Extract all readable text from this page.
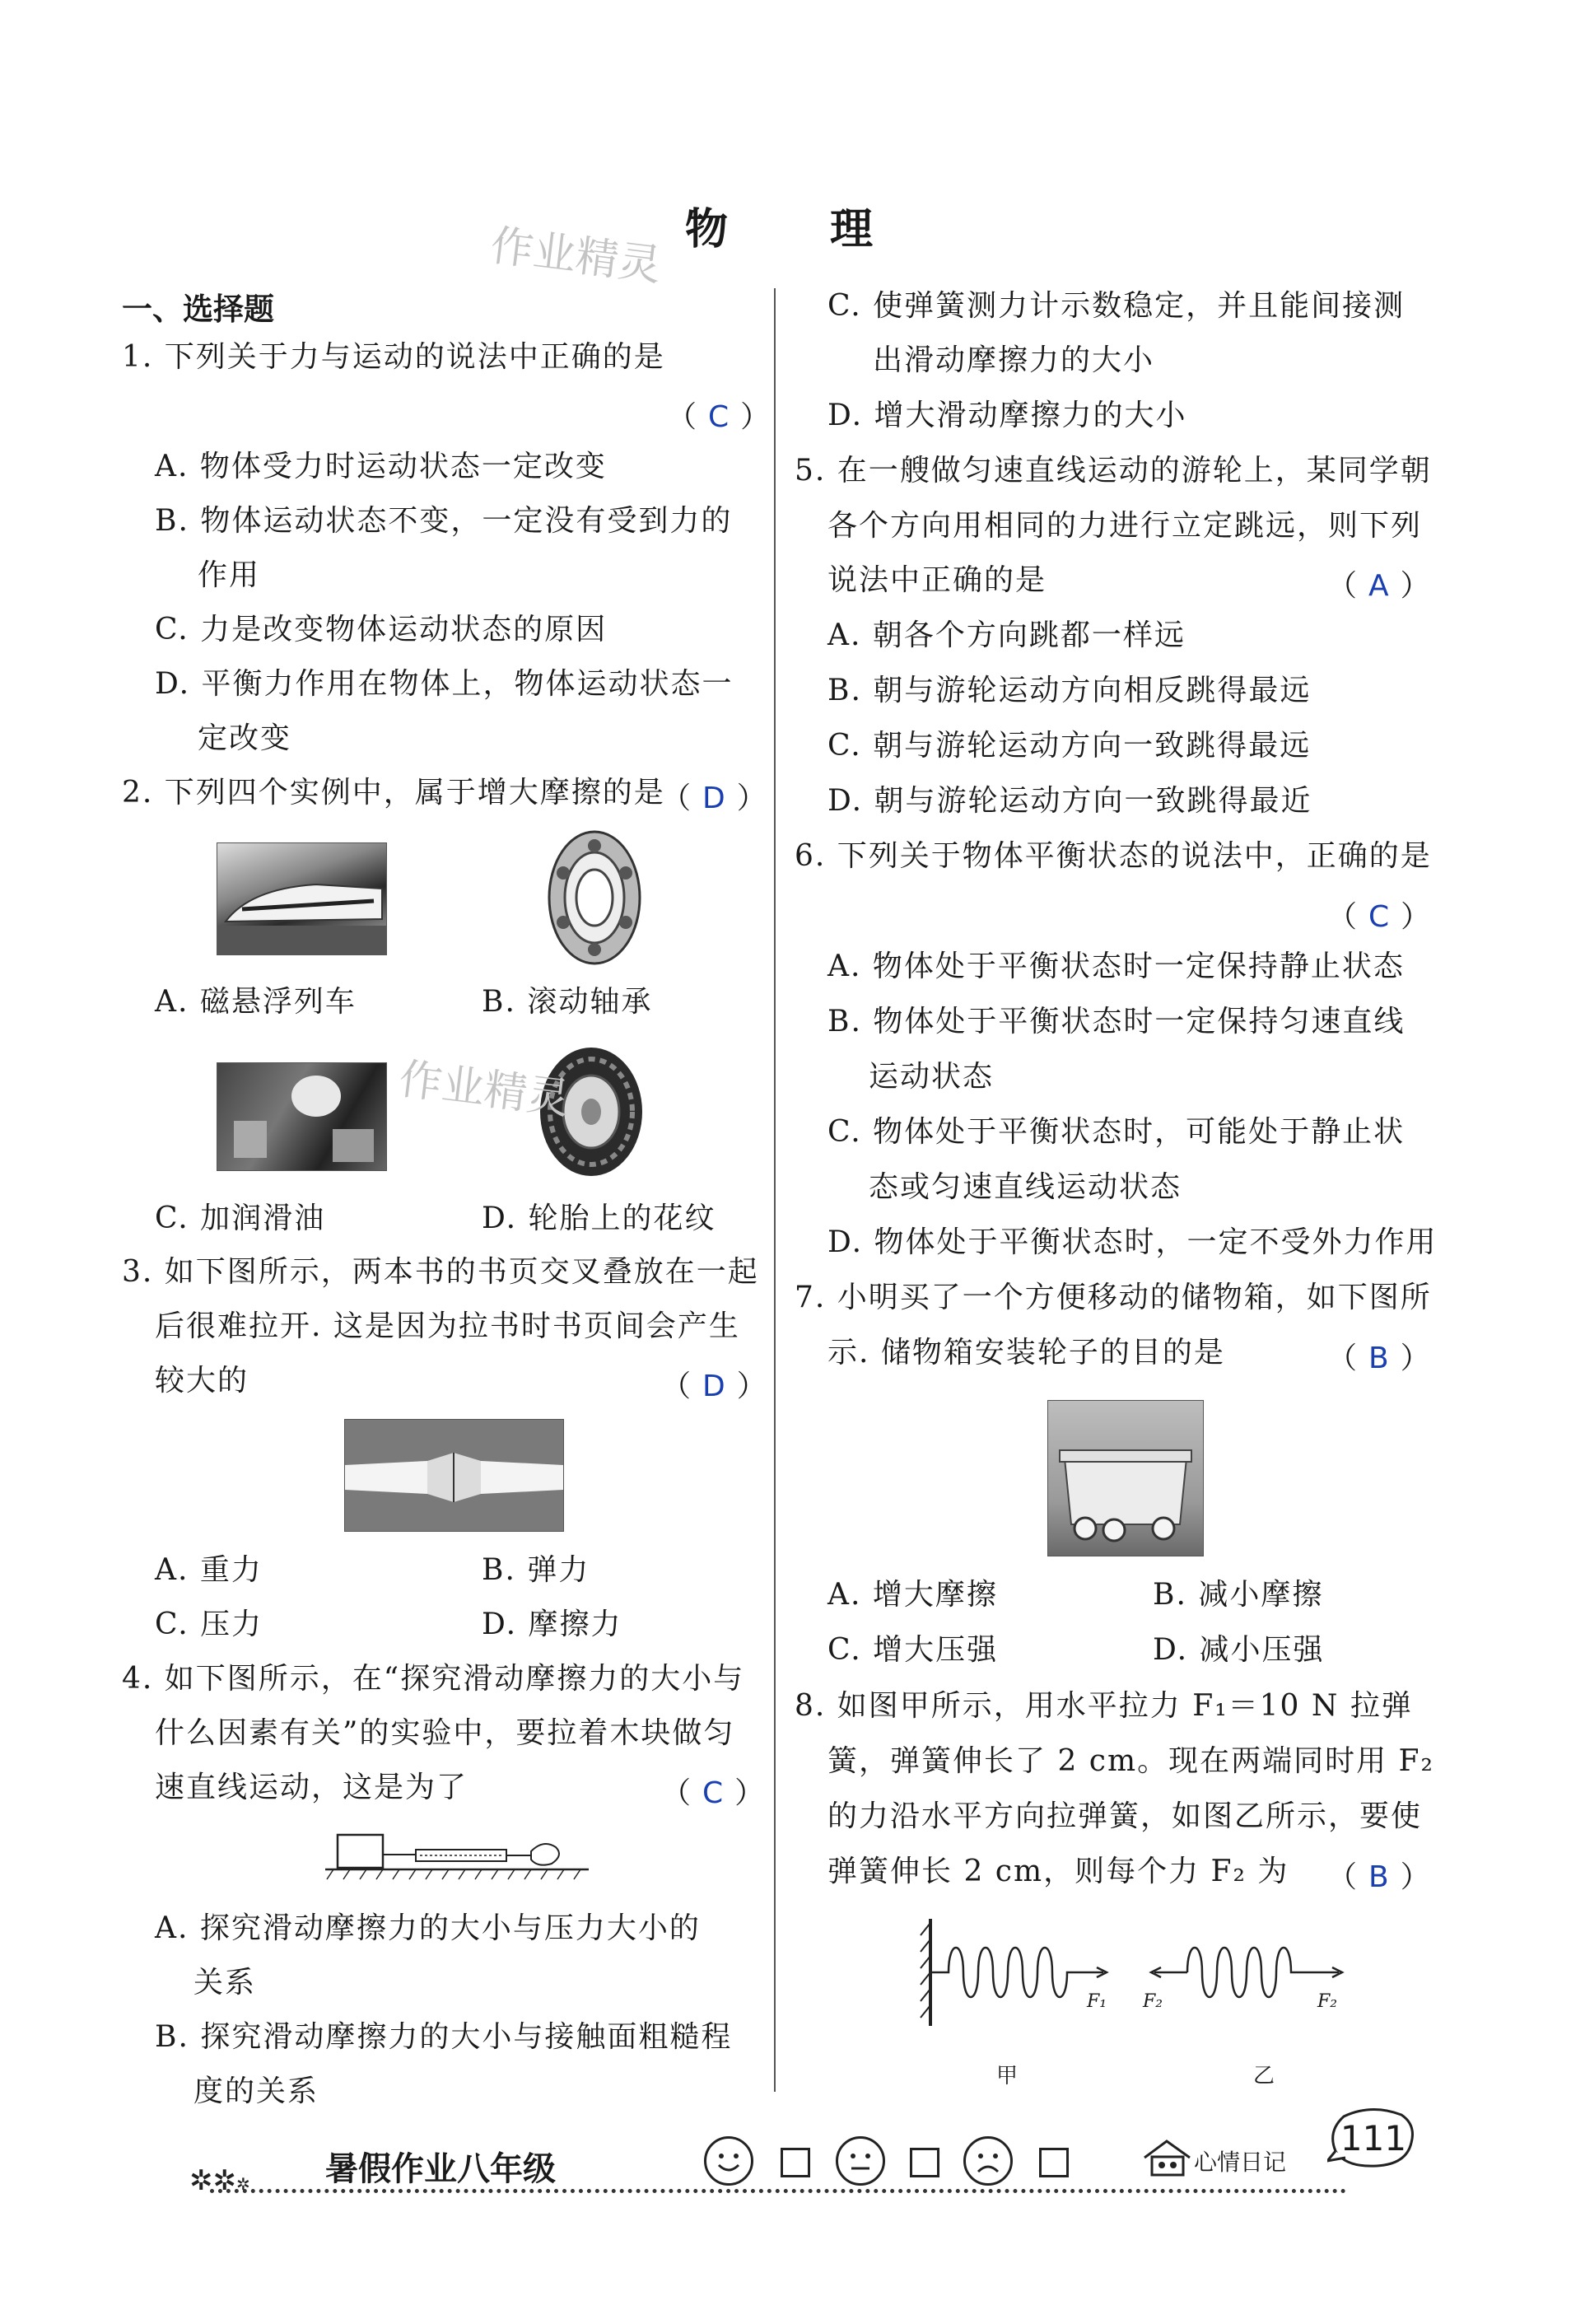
作业精灵 物 理
一、选择题
1. 下列关于力与运动的说法中正确的是
（ C ）
A. 物体受力时运动状态一定改变
B. 物体运动状态不变，一定没有受到力的
作用
C. 力是改变物体运动状态的原因
D. 平衡力作用在物体上，物体运动状态一
定改变
2. 下列四个实例中，属于增大摩擦的是
（ D ）
A. 磁悬浮列车	B. 滚动轴承
作业精灵
C. 加润滑油	D. 轮胎上的花纹
3. 如下图所示，两本书的书页交叉叠放在一起
后很难拉开. 这是因为拉书时书页间会产生
较大的	（ D ）
A. 重力	B. 弹力
C. 压力	D. 摩擦力
4. 如下图所示，在“探究滑动摩擦力的大小与
什么因素有关”的实验中，要拉着木块做匀
速直线运动，这是为了	（ C ）
A. 探究滑动摩擦力的大小与压力大小的
关系
B. 探究滑动摩擦力的大小与接触面粗糙程
度的关系
C. 使弹簧测力计示数稳定，并且能间接测
出滑动摩擦力的大小
D. 增大滑动摩擦力的大小
5. 在一艘做匀速直线运动的游轮上，某同学朝
各个方向用相同的力进行立定跳远，则下列
说法中正确的是	（ A ）
A. 朝各个方向跳都一样远
B. 朝与游轮运动方向相反跳得最远
C. 朝与游轮运动方向一致跳得最远
D. 朝与游轮运动方向一致跳得最近
6. 下列关于物体平衡状态的说法中，正确的是
（ C ）
A. 物体处于平衡状态时一定保持静止状态
B. 物体处于平衡状态时一定保持匀速直线
运动状态
C. 物体处于平衡状态时，可能处于静止状
态或匀速直线运动状态
D. 物体处于平衡状态时，一定不受外力作用
7. 小明买了一个方便移动的储物箱，如下图所
示. 储物箱安装轮子的目的是	（ B ）
A. 增大摩擦	B. 减小摩擦
C. 增大压强	D. 减小压强
8. 如图甲所示，用水平拉力 F₁＝10 N 拉弹
簧，弹簧伸长了 2 cm。现在两端同时用 F₂
的力沿水平方向拉弹簧，如图乙所示，要使
弹簧伸长 2 cm，则每个力 F₂ 为 （ B ）
F₁ F₂	F₂
甲	乙
✲✲✲ 暑假作业八年级	心情日记
111
